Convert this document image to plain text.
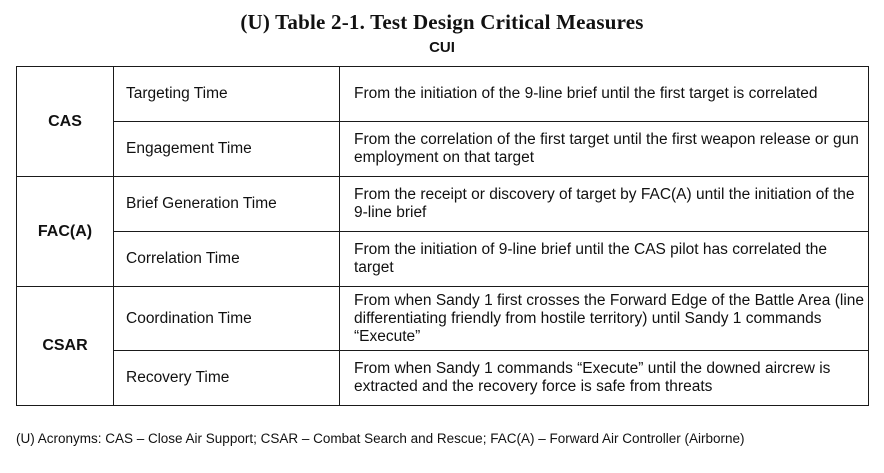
(U) Table 2-1. Test Design Critical Measures
CUI
CAS	Targeting Time	From the initiation of the 9-line brief until the first target is correlated
	Engagement Time	From the correlation of the first target until the first weapon release or gun employment on that target
FAC(A)	Brief Generation Time	From the receipt or discovery of target by FAC(A) until the initiation of the 9-line brief
	Correlation Time	From the initiation of 9-line brief until the CAS pilot has correlated the target
CSAR	Coordination Time	From when Sandy 1 first crosses the Forward Edge of the Battle Area (line differentiating friendly from hostile territory) until Sandy 1 commands “Execute”
	Recovery Time	From when Sandy 1 commands “Execute” until the downed aircrew is extracted and the recovery force is safe from threats
(U) Acronyms: CAS – Close Air Support; CSAR – Combat Search and Rescue; FAC(A) – Forward Air Controller (Airborne)
